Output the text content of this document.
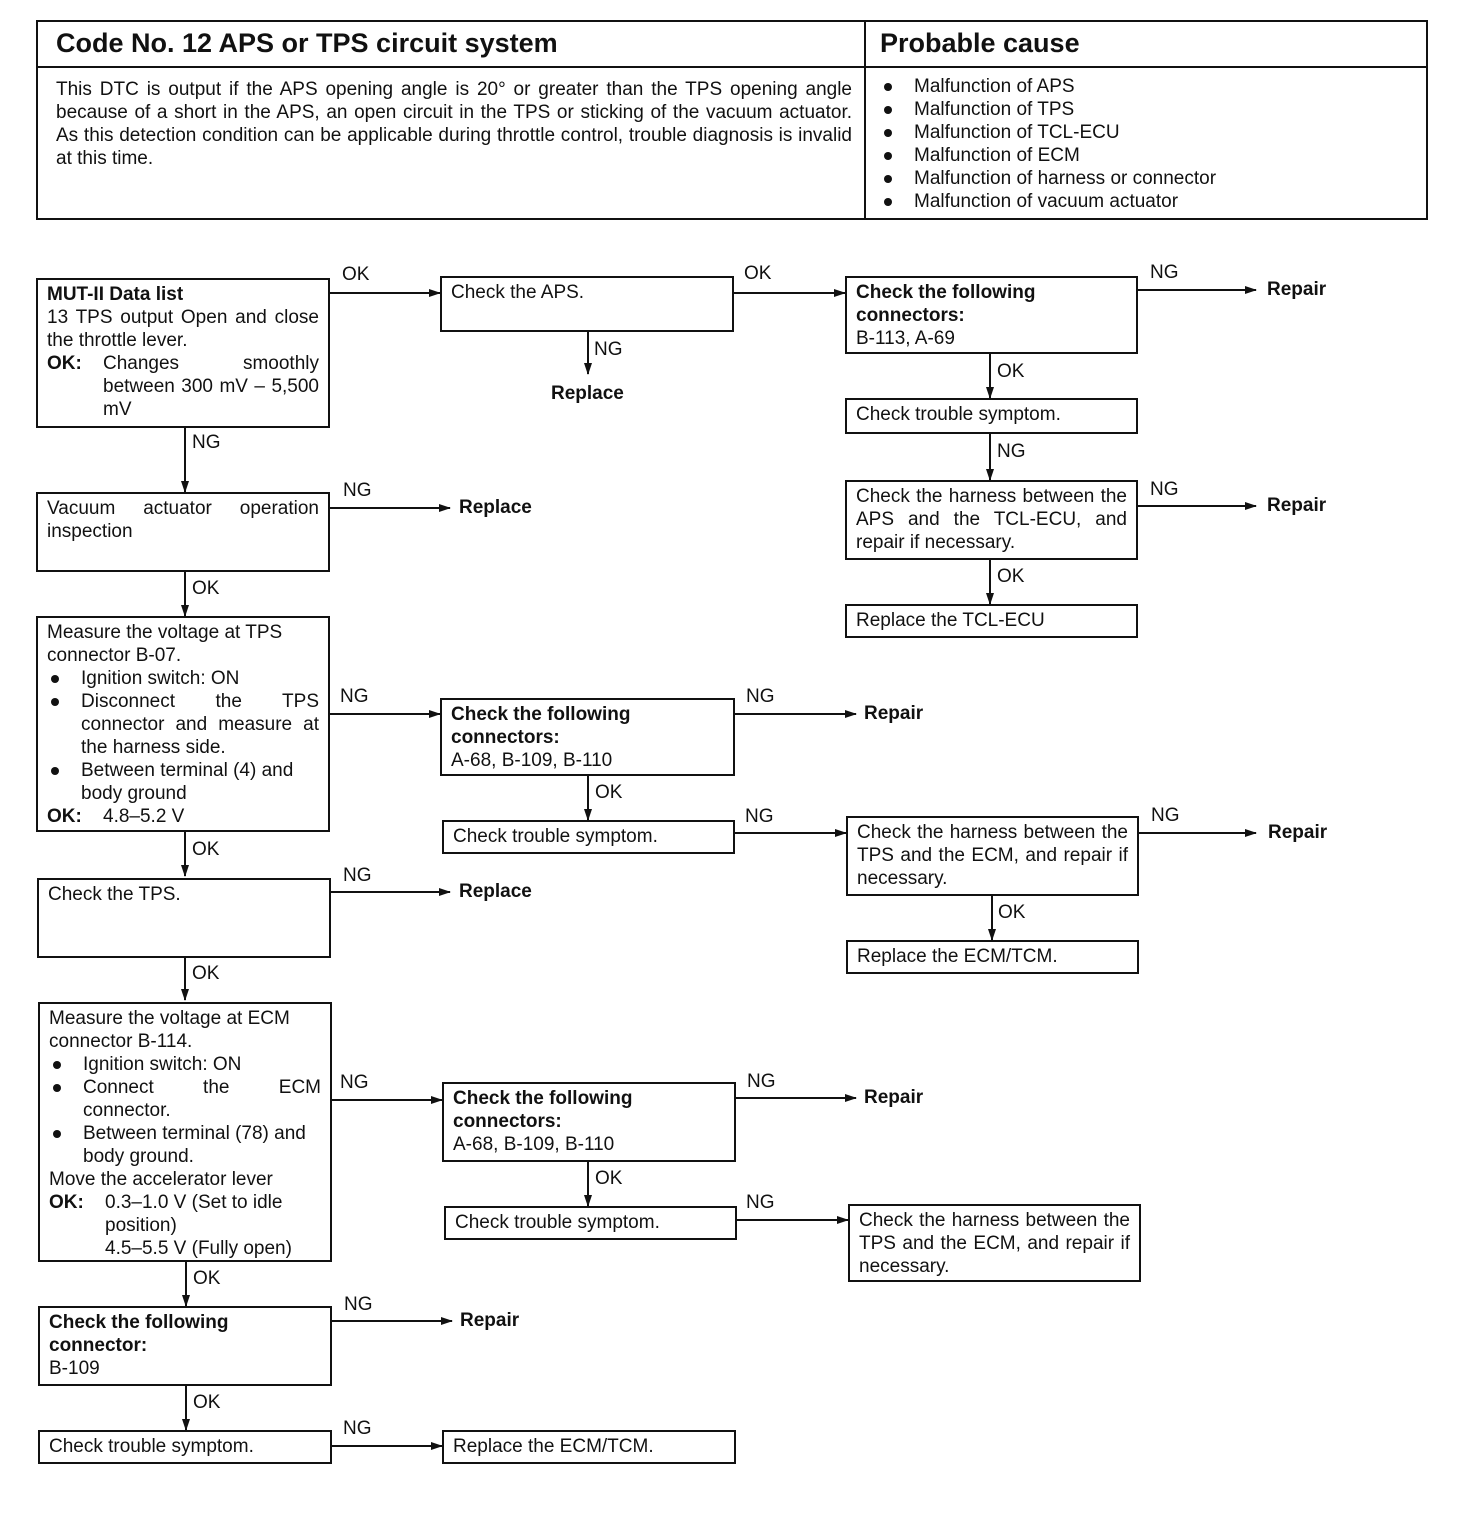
Code No. 12 APS or TPS circuit system	Probable cause
This DTC is output if the APS opening angle is 20° or greater than the TPS opening angle because of a short in the APS, an open circuit in the TPS or sticking of the vacuum actuator. As this detection condition can be applicable during throttle control, trouble diagnosis is invalid at this time.
Malfunction of APS
Malfunction of TPS
Malfunction of TCL-ECU
Malfunction of ECM
Malfunction of harness or connector
Malfunction of vacuum actuator
MUT-II Data list
13 TPS output Open and close the throttle lever.
OK:	Changes smoothly between 300 mV – 5,500 mV
Vacuum actuator operation inspection
Measure the voltage at TPS connector B-07.
Ignition switch: ON
Disconnect the TPS connector and measure at the harness side.
Between terminal (4) and body ground
OK:	4.8–5.2 V
Check the TPS.
Measure the voltage at ECM connector B-114.
Ignition switch: ON
Connect the ECM connector.
Between terminal (78) and body ground.
Move the accelerator lever
OK:	0.3–1.0 V (Set to idle position)
4.5–5.5 V (Fully open)
Check the following connector:
B-109
Check trouble symptom.	Replace the ECM/TCM.
Check the APS.
Check the following connectors:
A-68, B-109, B-110
Check trouble symptom.
Check the following connectors:
A-68, B-109, B-110
Check trouble symptom.
Check the following connectors:
B-113, A-69
Check trouble symptom.
Check the harness between the APS and the TCL-ECU, and repair if necessary.
Replace the TCL-ECU
Check the harness between the TPS and the ECM, and repair if necessary.
Replace the ECM/TCM.
Check the harness between the TPS and the ECM, and repair if necessary.
OK
NG
NG
OK
NG
OK
NG
OK
NG
OK
NG
OK
NG
OK
NG
NG
OK
NG
NG
OK
NG
NG
OK
NG
NG
OK
NG
OK
Replace
Replace
Repair
Replace
Repair
Repair
Repair
Repair
Repair
